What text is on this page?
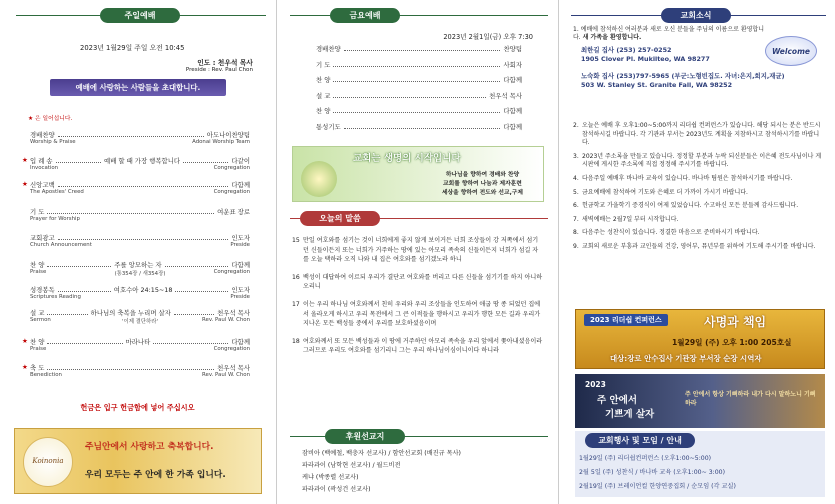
주일예배
2023년 1월29일 주일 오전 10:45
인도 : 천우석 목사
Preside : Rev. Paul Chon
예배에 사랑하는 사람들을 초대합니다.
★ 은 일어섭니다.
경배찬양	아도나이찬양팀
Worship & Praise	Adonai Worship Team
★ 입 례 송	예배 할 때 가장 행복합니다	다같이
Invocation	Congregation
★ 신앙고백	다함께
The Apostles' Creed	Congregation
기 도	여운표 장로
Prayer for Worship
교회광고	인도자
Church Announcement	Preside
찬 양	주를 앙모하는 자	다함께
Praise	(통354장 / 새354장)	Congregation
성경봉독	여호수아 24:15~18	인도자
Scriptures Reading	Preside
설 교	하나님의 축복을 누리며 살자	천우석 목사
Sermon	'이제 결단하라'	Rev. Paul W. Chon
★ 찬 양	마라나타	다함께
Praise	Congregation
★ 축 도	천우석 목사
Benediction	Rev. Paul W. Chon
헌금은 입구 헌금함에 넣어 주십시오
Koinonia
주님안에서 사랑하고 축복합니다.
우리 모두는 주 안에 한 가족 입니다.
금요예배
2023년 2월1일(금) 오후 7:30
경배찬양	찬양팀
기 도	사회자
찬 양	다함께
설 교	천우석 목사
찬 양	다함께
통성기도	다함께
교회는 생명의 시작입니다
하나님을 향하여 경배와 찬양
교회를 향하여 나눔과 제자훈련
세상을 향하여 전도와 선교,구제
오늘의 말씀
15 만일 여호와를 섬기는 것이 너희에게 좋지 않게 보이거든 너희 조상들이 강 저쪽에서 섬기던 신들이든지 또는 너희가 거주하는 땅에 있는 아모리 족속의 신들이든지 너희가 섬길 자를 오늘 택하라 오직 나와 내 집은 여호와를 섬기겠노라 하니
16 백성이 대답하여 이르되 우리가 결단코 여호와를 버리고 다른 신들을 섬기기를 하지 아니하오리니
17 이는 우리 하나님 여호와께서 친히 우리와 우리 조상들을 인도하여 애굽 땅 종 되었던 집에서 올라오게 하시고 우리 목전에서 그 큰 이적들을 행하시고 우리가 행한 모든 길과 우리가 지나온 모든 백성들 중에서 우리를 보호하셨음이며
18 여호와께서 또 모든 백성들과 이 땅에 거주하던 아모리 족속을 우리 앞에서 쫓아내셨음이라 그러므로 우리도 여호와를 섬기리니 그는 우리 하나님이심이니이다 하니라
후원선교지
잠비아 (백예철, 백충자 선교사) / 함안선교회 (배진규 목사)
파라과이 (남학현 선교사) / 월드비전
케냐 (박종렬 선교사)
파라과이 (곽성건 선교사)
교회소식

1. 예배에 참석하신 여러분과 새로 오신 분들을 주님의 이름으로 환영합니다. 새 가족을 환영합니다.

최한길 집사 (253) 257-0252
1905 Clover Pl. Mukilteo, WA 98277
노숙화 집사 (253)797-5965 (부군:노형빈집도. 자녀:은지,희지,재균)
503 W. Stanley St. Granite Fall, WA 98252
Welcome

2. 오늘은 예배 후 오후1:00~5:00까지 리더쉽 컨퍼런스가 있습니다. 해당 되시는 분은 반드시 참석하시길 바랍니다. 각 기관과 부서는 2023년도 계획을 지참하시고 참석하시기를 바랍니다.

3. 2023년 주소록을 만들고 있습니다. 정정할 부분과 누락 되신분들은 이은혜 전도사님이나 게시판에 게시한 주소록에 직접 정정해 주시기를 바랍니다.

4. 다음주일 예배후 바나바 교육이 있습니다. 바나바 팀원은 참석하시기를 바랍니다.

5. 금요예배에 참석하여 기도와 은혜로 더 가까이 가시기 바랍니다.

6. 헌금학교 가을학기 증경식이 여제 있었습니다. 수고하신 모든 분들께 감사드립니다.

7. 새벽예배는 2월7일 부터 시작합니다.

8. 다음주는 성찬식이 있습니다. 정결한 마음으로 준비하시기 바랍니다.

9. 교회의 새로운 부흥과 교인들의 건강, 영어부, 뮤년부를 위하여 기도해 주시기를 바랍니다.

2023 리더쉽 컨퍼런스	사명과 책임
1월29일 (주) 오후 1:00 205호실
대상:장로 안수집사 기관장 부서장 순장 시역자
2023
주 안에서
기쁘게 살자
주 안에서 항상 기뻐하라 내가 다시 말하노니 기뻐하라
교회행사 및 모임 / 안내
1월29일 (주) 리더쉽컨퍼런스 (오후1:00~5:00)
2월 5일 (주) 성찬식 / 바나바 교육 (오후1:00~ 3:00)
2월19일 (주) 브레이언컬 한양연중집회 / 순모임 (각 교실)
